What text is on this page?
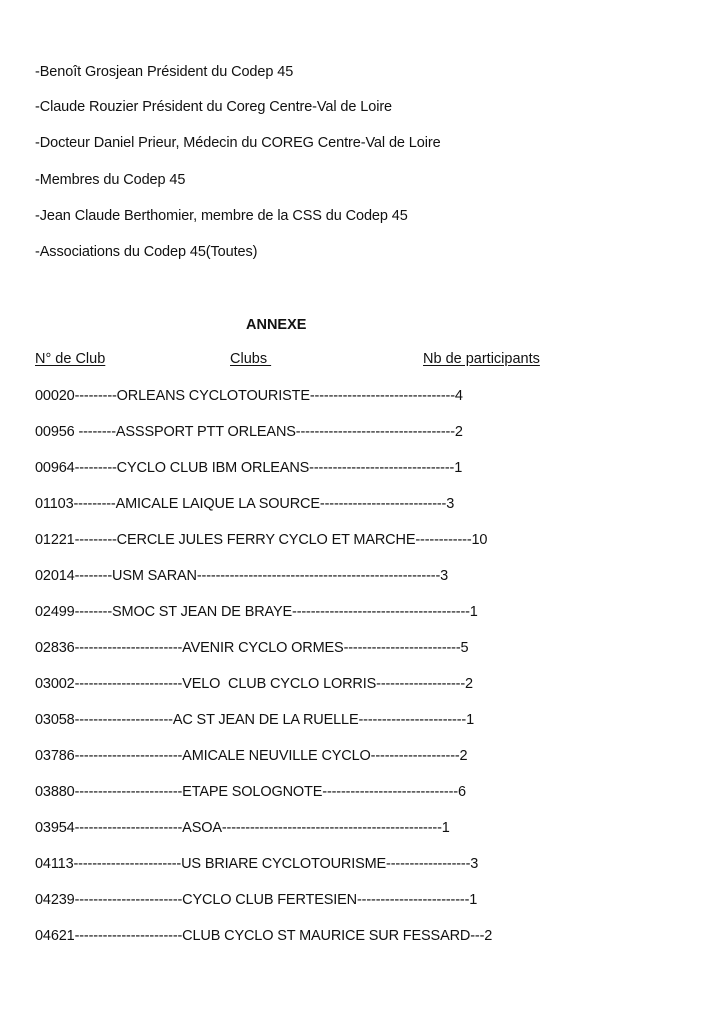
-Benoît Grosjean Président du Codep 45
-Claude Rouzier Président du Coreg Centre-Val de Loire
-Docteur Daniel Prieur, Médecin du COREG Centre-Val de Loire
-Membres du Codep 45
-Jean Claude Berthomier, membre de la CSS du Codep 45
-Associations du Codep 45(Toutes)
ANNEXE
N° de Club	Clubs	Nb de participants
00020---------ORLEANS CYCLOTOURISTE-------------------------------4
00956 --------ASSSPORT PTT ORLEANS----------------------------------2
00964---------CYCLO CLUB IBM ORLEANS-------------------------------1
01103---------AMICALE LAIQUE LA SOURCE---------------------------3
01221---------CERCLE JULES FERRY CYCLO ET MARCHE------------10
02014--------USM SARAN----------------------------------------------------3
02499--------SMOC ST JEAN DE BRAYE--------------------------------------1
02836-----------------------AVENIR CYCLO ORMES-------------------------5
03002-----------------------VELO  CLUB CYCLO LORRIS-------------------2
03058---------------------AC ST JEAN DE LA RUELLE-----------------------1
03786-----------------------AMICALE NEUVILLE CYCLO-------------------2
03880-----------------------ETAPE SOLOGNOTE-----------------------------6
03954-----------------------ASOA-----------------------------------------------1
04113-----------------------US BRIARE CYCLOTOURISME------------------3
04239-----------------------CYCLO CLUB FERTESIEN------------------------1
04621-----------------------CLUB CYCLO ST MAURICE SUR FESSARD---2
